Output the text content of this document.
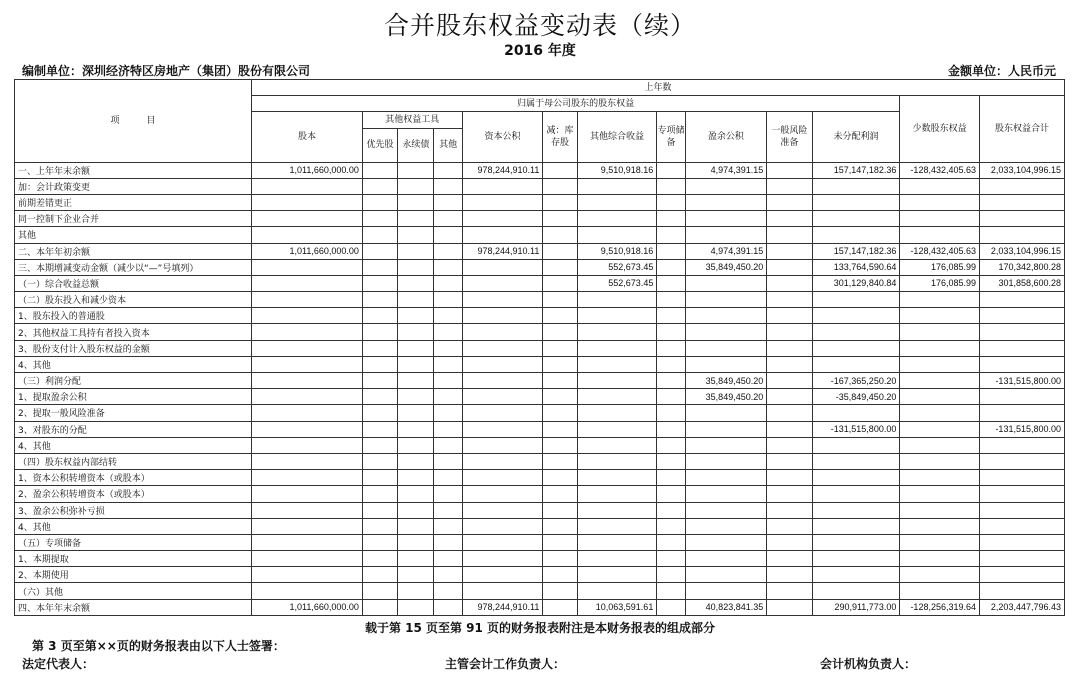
合并股东权益变动表（续）
2016 年度
编制单位：深圳经济特区房地产（集团）股份有限公司	金额单位：人民币元
项　　　目	上年数												
	归属于母公司股东的股东权益											少数股东权益	股东权益合计
	股本	其他权益工具			资本公积	减：库存股	其他综合收益	专项储备	盈余公积	一般风险准备	未分配利润		
		优先股	永续债	其他									
一、上年年末余额	1,011,660,000.00				978,244,910.11		9,510,918.16		4,974,391.15		157,147,182.36	-128,432,405.63	2,033,104,996.15
加：会计政策变更													
前期差错更正													
同一控制下企业合并													
其他													
二、本年年初余额	1,011,660,000.00				978,244,910.11		9,510,918.16		4,974,391.15		157,147,182.36	-128,432,405.63	2,033,104,996.15
三、本期增减变动金额（减少以“—”号填列）							552,673.45		35,849,450.20		133,764,590.64	176,085.99	170,342,800.28
（一）综合收益总额							552,673.45				301,129,840.84	176,085.99	301,858,600.28
（二）股东投入和减少资本													
1、股东投入的普通股													
2、其他权益工具持有者投入资本													
3、股份支付计入股东权益的金额													
4、其他													
（三）利润分配									35,849,450.20		-167,365,250.20		-131,515,800.00
1、提取盈余公积									35,849,450.20		-35,849,450.20		
2、提取一般风险准备													
3、对股东的分配											-131,515,800.00		-131,515,800.00
4、其他													
（四）股东权益内部结转													
1、资本公积转增资本（或股本）													
2、盈余公积转增资本（或股本）													
3、盈余公积弥补亏损													
4、其他													
（五）专项储备													
1、本期提取													
2、本期使用													
（六）其他													
四、本年年末余额	1,011,660,000.00				978,244,910.11		10,063,591.61		40,823,841.35		290,911,773.00	-128,256,319.64	2,203,447,796.43
载于第 15 页至第 91 页的财务报表附注是本财务报表的组成部分
第 3 页至第××页的财务报表由以下人士签署：
法定代表人：	主管会计工作负责人：	会计机构负责人：
